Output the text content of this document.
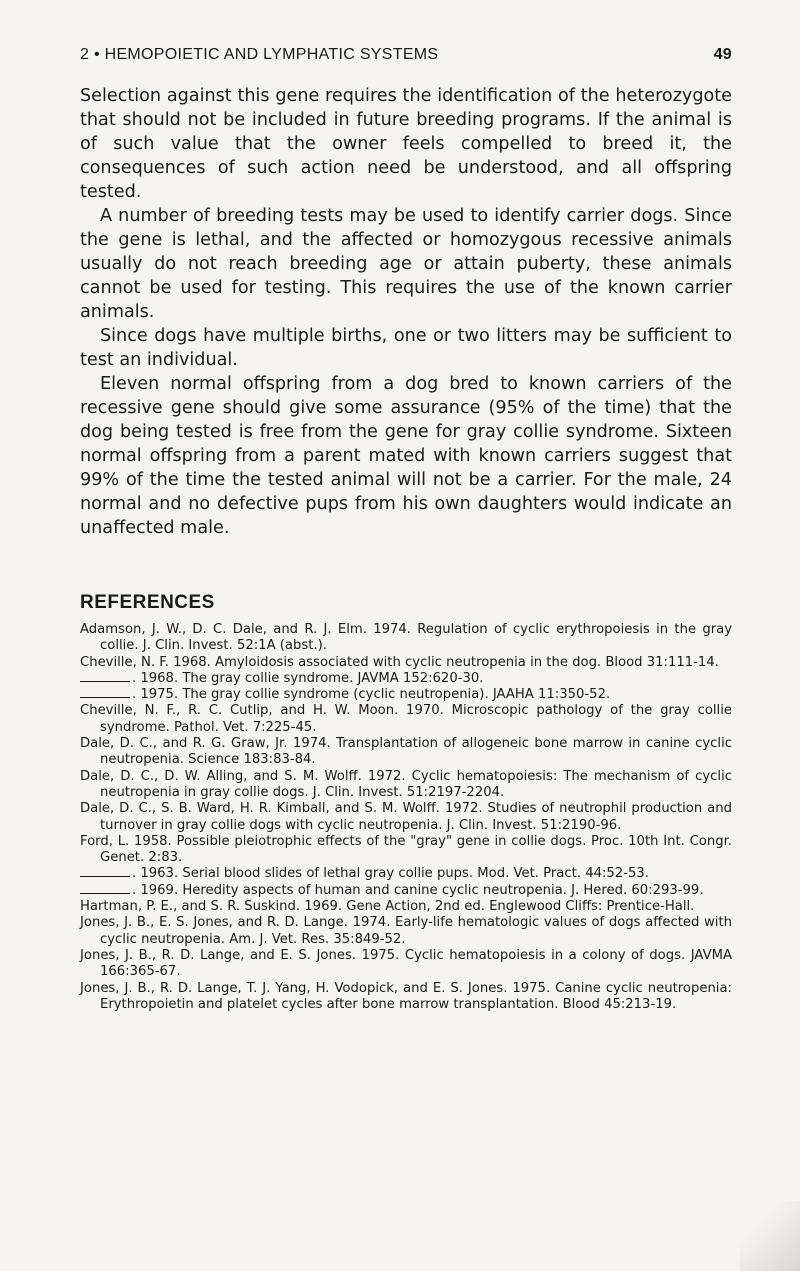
2 • HEMOPOIETIC AND LYMPHATIC SYSTEMS	49

Selection against this gene requires the identification of the heterozygote that should not be included in future breeding programs. If the animal is of such value that the owner feels compelled to breed it, the consequences of such action need be understood, and all offspring tested.

A number of breeding tests may be used to identify carrier dogs. Since the gene is lethal, and the affected or homozygous recessive animals usually do not reach breeding age or attain puberty, these animals cannot be used for testing. This requires the use of the known carrier animals.

Since dogs have multiple births, one or two litters may be sufficient to test an individual.

Eleven normal offspring from a dog bred to known carriers of the recessive gene should give some assurance (95% of the time) that the dog being tested is free from the gene for gray collie syndrome. Sixteen normal offspring from a parent mated with known carriers suggest that 99% of the time the tested animal will not be a carrier. For the male, 24 normal and no defective pups from his own daughters would indicate an unaffected male.

REFERENCES

Adamson, J. W., D. C. Dale, and R. J. Elm. 1974. Regulation of cyclic erythropoiesis in the gray collie. J. Clin. Invest. 52:1A (abst.).

Cheville, N. F. 1968. Amyloidosis associated with cyclic neutropenia in the dog. Blood 31:111-14.

. 1968. The gray collie syndrome. JAVMA 152:620-30.

. 1975. The gray collie syndrome (cyclic neutropenia). JAAHA 11:350-52.

Cheville, N. F., R. C. Cutlip, and H. W. Moon. 1970. Microscopic pathology of the gray collie syndrome. Pathol. Vet. 7:225-45.

Dale, D. C., and R. G. Graw, Jr. 1974. Transplantation of allogeneic bone marrow in canine cyclic neutropenia. Science 183:83-84.

Dale, D. C., D. W. Alling, and S. M. Wolff. 1972. Cyclic hematopoiesis: The mechanism of cyclic neutropenia in gray collie dogs. J. Clin. Invest. 51:2197-2204.

Dale, D. C., S. B. Ward, H. R. Kimball, and S. M. Wolff. 1972. Studies of neutrophil production and turnover in gray collie dogs with cyclic neutropenia. J. Clin. Invest. 51:2190-96.

Ford, L. 1958. Possible pleiotrophic effects of the "gray" gene in collie dogs. Proc. 10th Int. Congr. Genet. 2:83.

. 1963. Serial blood slides of lethal gray collie pups. Mod. Vet. Pract. 44:52-53.

. 1969. Heredity aspects of human and canine cyclic neutropenia. J. Hered. 60:293-99.

Hartman, P. E., and S. R. Suskind. 1969. Gene Action, 2nd ed. Englewood Cliffs: Prentice-Hall.

Jones, J. B., E. S. Jones, and R. D. Lange. 1974. Early-life hematologic values of dogs affected with cyclic neutropenia. Am. J. Vet. Res. 35:849-52.

Jones, J. B., R. D. Lange, and E. S. Jones. 1975. Cyclic hematopoiesis in a colony of dogs. JAVMA 166:365-67.

Jones, J. B., R. D. Lange, T. J. Yang, H. Vodopick, and E. S. Jones. 1975. Canine cyclic neutropenia: Erythropoietin and platelet cycles after bone marrow transplantation. Blood 45:213-19.
